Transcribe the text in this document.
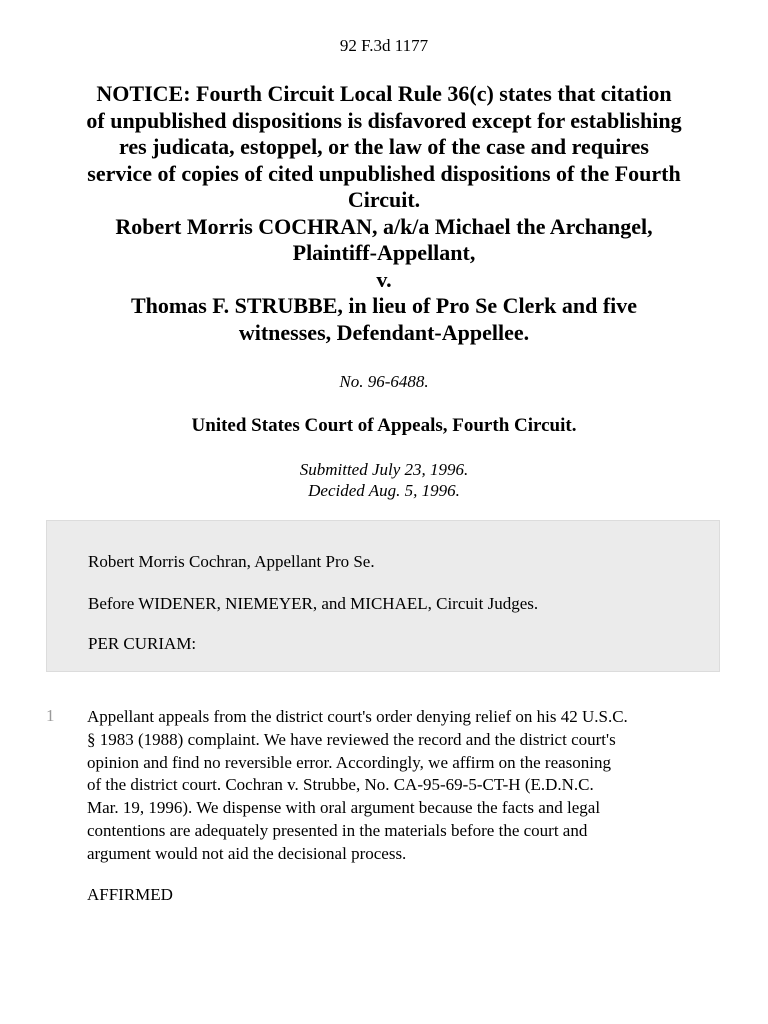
92 F.3d 1177
NOTICE: Fourth Circuit Local Rule 36(c) states that citation
of unpublished dispositions is disfavored except for establishing
res judicata, estoppel, or the law of the case and requires
service of copies of cited unpublished dispositions of the Fourth
Circuit.
Robert Morris COCHRAN, a/k/a Michael the Archangel,
Plaintiff-Appellant,
v.
Thomas F. STRUBBE, in lieu of Pro Se Clerk and five
witnesses, Defendant-Appellee.
No. 96-6488.
United States Court of Appeals, Fourth Circuit.
Submitted July 23, 1996.
Decided Aug. 5, 1996.
Robert Morris Cochran, Appellant Pro Se.
Before WIDENER, NIEMEYER, and MICHAEL, Circuit Judges.
PER CURIAM:
1 Appellant appeals from the district court's order denying relief on his 42 U.S.C.
§ 1983 (1988) complaint. We have reviewed the record and the district court's
opinion and find no reversible error. Accordingly, we affirm on the reasoning
of the district court. Cochran v. Strubbe, No. CA-95-69-5-CT-H (E.D.N.C.
Mar. 19, 1996). We dispense with oral argument because the facts and legal
contentions are adequately presented in the materials before the court and
argument would not aid the decisional process.
AFFIRMED
